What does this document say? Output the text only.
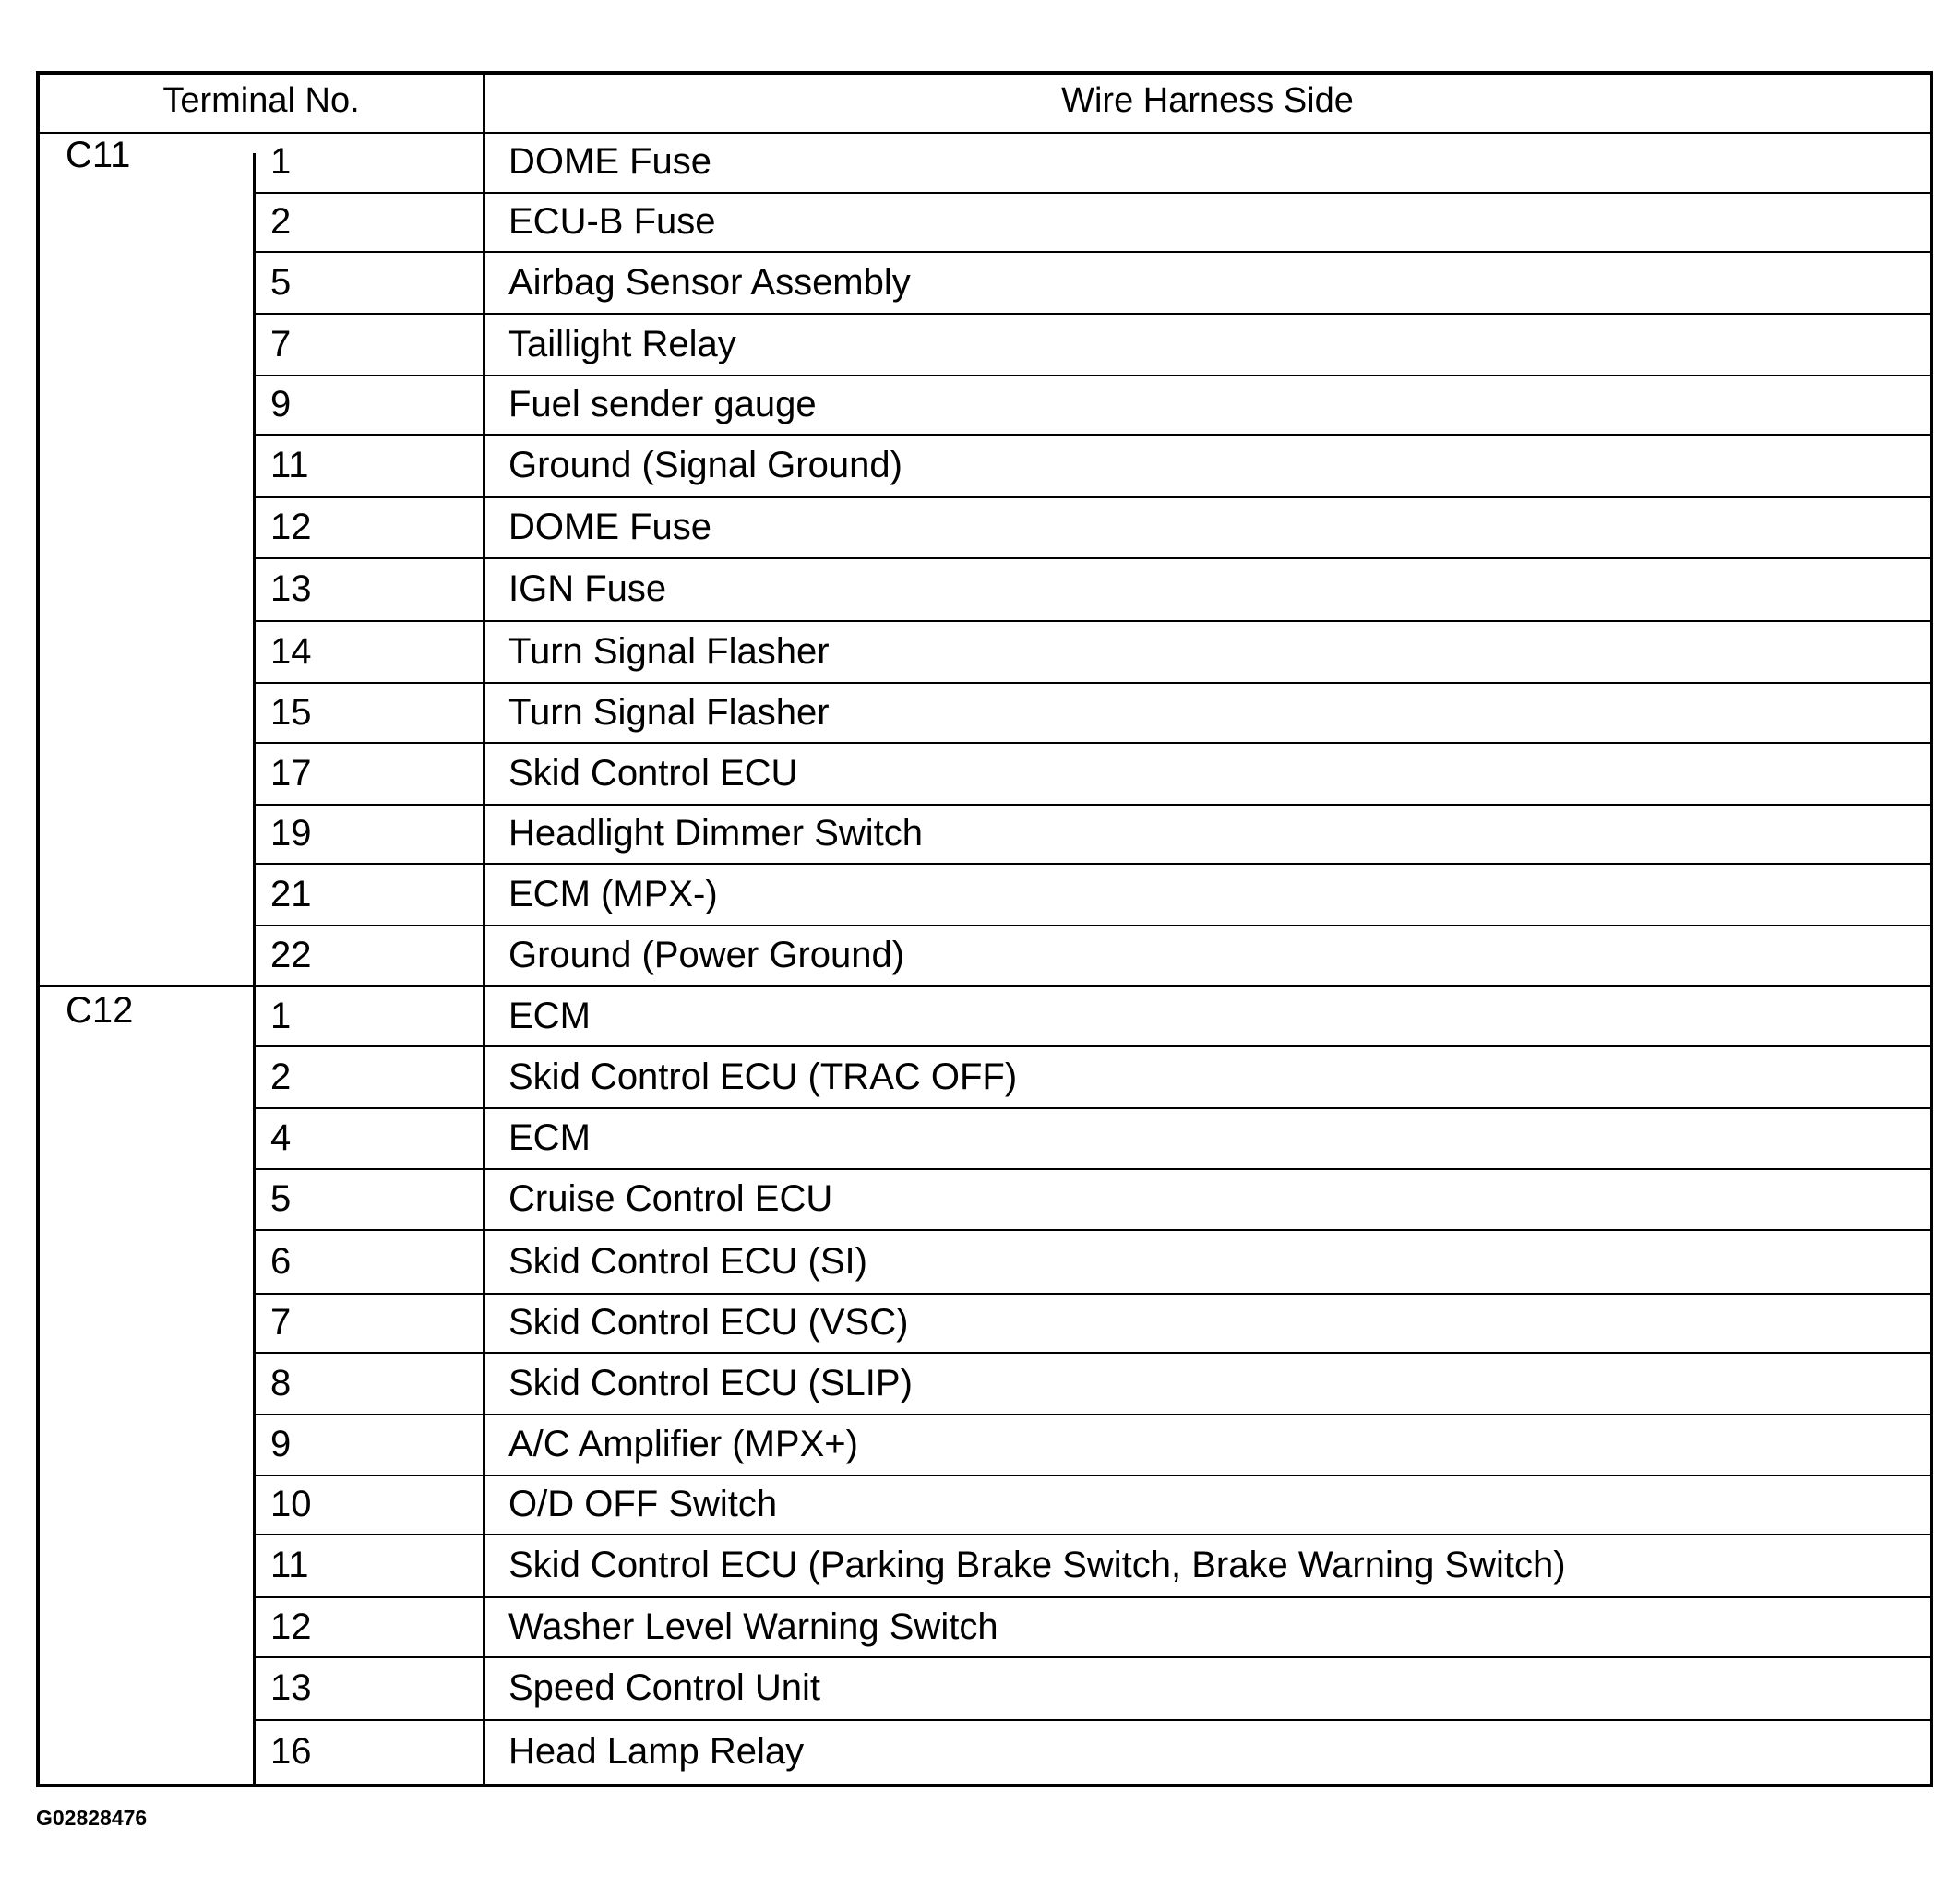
Terminal No.	Wire Harness Side
C11	1	DOME Fuse
2	ECU-B Fuse
5	Airbag Sensor Assembly
7	Taillight Relay
9	Fuel sender gauge
11	Ground (Signal Ground)
12	DOME Fuse
13	IGN Fuse
14	Turn Signal Flasher
15	Turn Signal Flasher
17	Skid Control ECU
19	Headlight Dimmer Switch
21	ECM (MPX-)
22	Ground (Power Ground)
C12	1	ECM
2	Skid Control ECU (TRAC OFF)
4	ECM
5	Cruise Control ECU
6	Skid Control ECU (SI)
7	Skid Control ECU (VSC)
8	Skid Control ECU (SLIP)
9	A/C Amplifier (MPX+)
10	O/D OFF Switch
11	Skid Control ECU (Parking Brake Switch, Brake Warning Switch)
12	Washer Level Warning Switch
13	Speed Control Unit
16	Head Lamp Relay
G02828476
